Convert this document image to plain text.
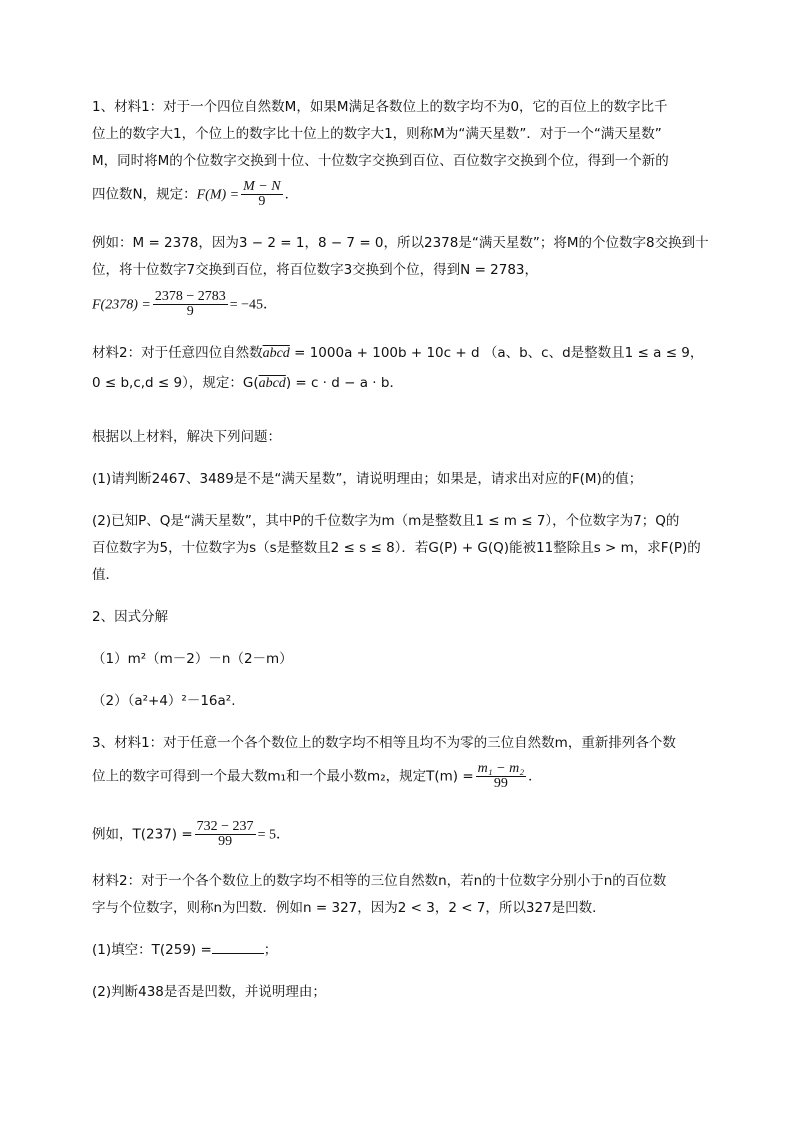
1、材料1：对于一个四位自然数M，如果M满足各数位上的数字均不为0，它的百位上的数字比千

位上的数字大1，个位上的数字比十位上的数字大1，则称M为“满天星数”．对于一个“满天星数”

M，同时将M的个位数字交换到十位、十位数字交换到百位、百位数字交换到个位，得到一个新的

四位数N，规定：$F(M) = \frac{M - N}{9}$ ．

例如：M = 2378，因为3 − 2 = 1，8 − 7 = 0，所以2378是“满天星数”；将M的个位数字8交换到十

位，将十位数字7交换到百位，将百位数字3交换到个位，得到N = 2783，

$F(2378) = \frac{2378 - 2783}{9} = -45$．

材料2：对于任意四位自然数abcd = 1000a + 100b + 10c + d （a、b、c、d是整数且1 ≤ a ≤ 9，

0 ≤ b,c,d ≤ 9），规定：G(abcd) = c · d − a · b．

根据以上材料，解决下列问题：

(1)请判断2467、3489是不是“满天星数”，请说明理由；如果是，请求出对应的F(M)的值；

(2)已知P、Q是“满天星数”，其中P的千位数字为m（m是整数且1 ≤ m ≤ 7），个位数字为7；Q的

百位数字为5，十位数字为s（s是整数且2 ≤ s ≤ 8）．若G(P) + G(Q)能被11整除且s > m，求F(P)的

值．

2、因式分解

（1）m²（m－2）－n（2－m）

（2）（a²+4）²－16a².

3、材料1：对于任意一个各个数位上的数字均不相等且均不为零的三位自然数m，重新排列各个数

位上的数字可得到一个最大数m₁和一个最小数m₂，规定$T(m) = \frac{\text{m₁ − m₂}}{99}$ ．

例如，$T(237) = \frac{732 - 237}{99} = 5$．

材料2：对于一个各个数位上的数字均不相等的三位自然数n，若n的十位数字分别小于n的百位数

字与个位数字，则称n为凹数．例如n = 327，因为2 < 3，2 < 7，所以327是凹数．

(1)填空：T(259) =	；

(2)判断438是否是凹数，并说明理由；
